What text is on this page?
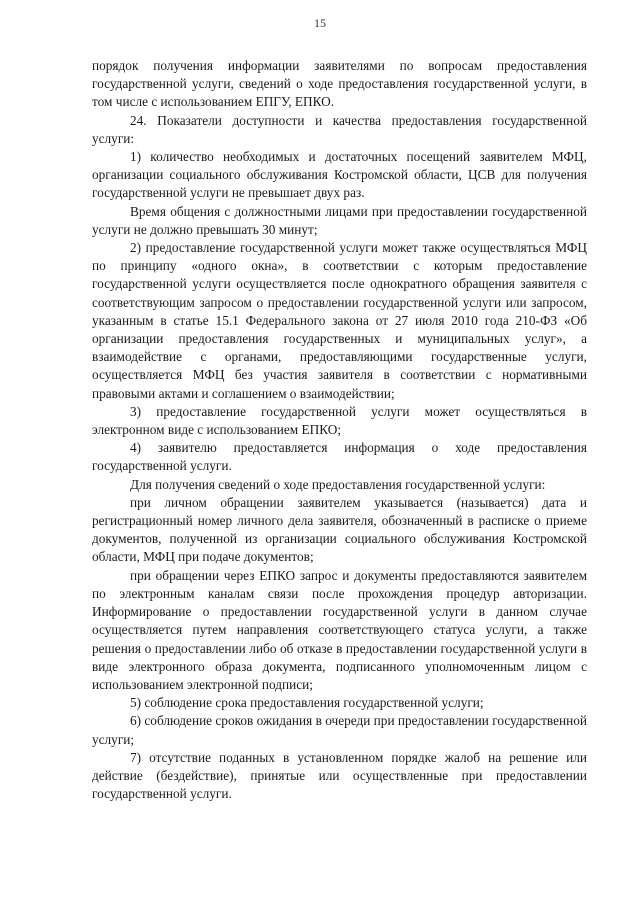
15

порядок получения информации заявителями по вопросам предоставления государственной услуги, сведений о ходе предоставления государственной услуги, в том числе с использованием ЕПГУ, ЕПКО.

24. Показатели доступности и качества предоставления государственной услуги:

1) количество необходимых и достаточных посещений заявителем МФЦ, организации социального обслуживания Костромской области, ЦСВ для получения государственной услуги не превышает двух раз.

Время общения с должностными лицами при предоставлении государственной услуги не должно превышать 30 минут;

2) предоставление государственной услуги может также осуществляться МФЦ по принципу «одного окна», в соответствии с которым предоставление государственной услуги осуществляется после однократного обращения заявителя с соответствующим запросом о предоставлении государственной услуги или запросом, указанным в статье 15.1 Федерального закона от 27 июля 2010 года 210-ФЗ «Об организации предоставления государственных и муниципальных услуг», а взаимодействие с органами, предоставляющими государственные услуги, осуществляется МФЦ без участия заявителя в соответствии с нормативными правовыми актами и соглашением о взаимодействии;

3) предоставление государственной услуги может осуществляться в электронном виде с использованием ЕПКО;

4) заявителю предоставляется информация о ходе предоставления государственной услуги.

Для получения сведений о ходе предоставления государственной услуги:

при личном обращении заявителем указывается (называется) дата и регистрационный номер личного дела заявителя, обозначенный в расписке о приеме документов, полученной из организации социального обслуживания Костромской области, МФЦ при подаче документов;

при обращении через ЕПКО запрос и документы предоставляются заявителем по электронным каналам связи после прохождения процедур авторизации. Информирование о предоставлении государственной услуги в данном случае осуществляется путем направления соответствующего статуса услуги, а также решения о предоставлении либо об отказе в предоставлении государственной услуги в виде электронного образа документа, подписанного уполномоченным лицом с использованием электронной подписи;

5) соблюдение срока предоставления государственной услуги;

6) соблюдение сроков ожидания в очереди при предоставлении государственной услуги;

7) отсутствие поданных в установленном порядке жалоб на решение или действие (бездействие), принятые или осуществленные при предоставлении государственной услуги.
